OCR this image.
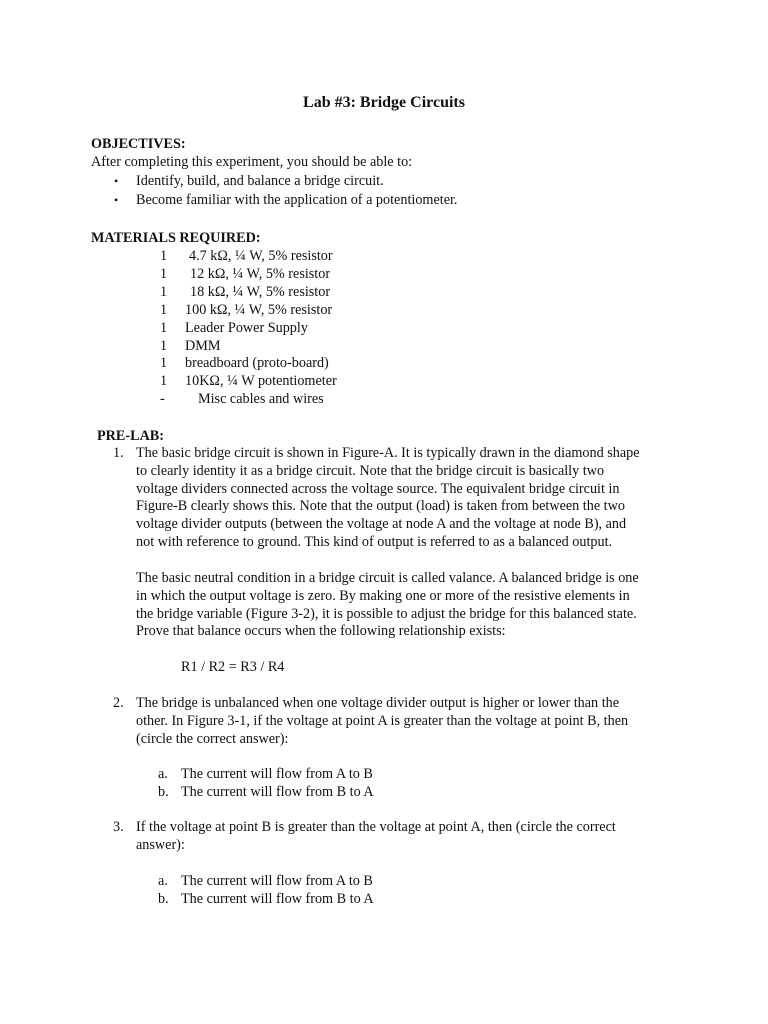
Lab #3: Bridge Circuits
OBJECTIVES:
After completing this experiment, you should be able to:
• Identify, build, and balance a bridge circuit.
• Become familiar with the application of a potentiometer.
MATERIALS REQUIRED:
1 4.7 kΩ, ¼ W, 5% resistor
1 12 kΩ, ¼ W, 5% resistor
1 18 kΩ, ¼ W, 5% resistor
1 100 kΩ, ¼ W, 5% resistor
1 Leader Power Supply
1 DMM
1 breadboard (proto-board)
1 10KΩ, ¼ W potentiometer
- Misc cables and wires
PRE-LAB:
1. The basic bridge circuit is shown in Figure-A. It is typically drawn in the diamond shape
to clearly identity it as a bridge circuit. Note that the bridge circuit is basically two
voltage dividers connected across the voltage source. The equivalent bridge circuit in
Figure-B clearly shows this. Note that the output (load) is taken from between the two
voltage divider outputs (between the voltage at node A and the voltage at node B), and
not with reference to ground. This kind of output is referred to as a balanced output.
The basic neutral condition in a bridge circuit is called valance. A balanced bridge is one
in which the output voltage is zero. By making one or more of the resistive elements in
the bridge variable (Figure 3-2), it is possible to adjust the bridge for this balanced state.
Prove that balance occurs when the following relationship exists:
R1 / R2 = R3 / R4
2. The bridge is unbalanced when one voltage divider output is higher or lower than the
other. In Figure 3-1, if the voltage at point A is greater than the voltage at point B, then
(circle the correct answer):
a. The current will flow from A to B
b. The current will flow from B to A
3. If the voltage at point B is greater than the voltage at point A, then (circle the correct
answer):
a. The current will flow from A to B
b. The current will flow from B to A
